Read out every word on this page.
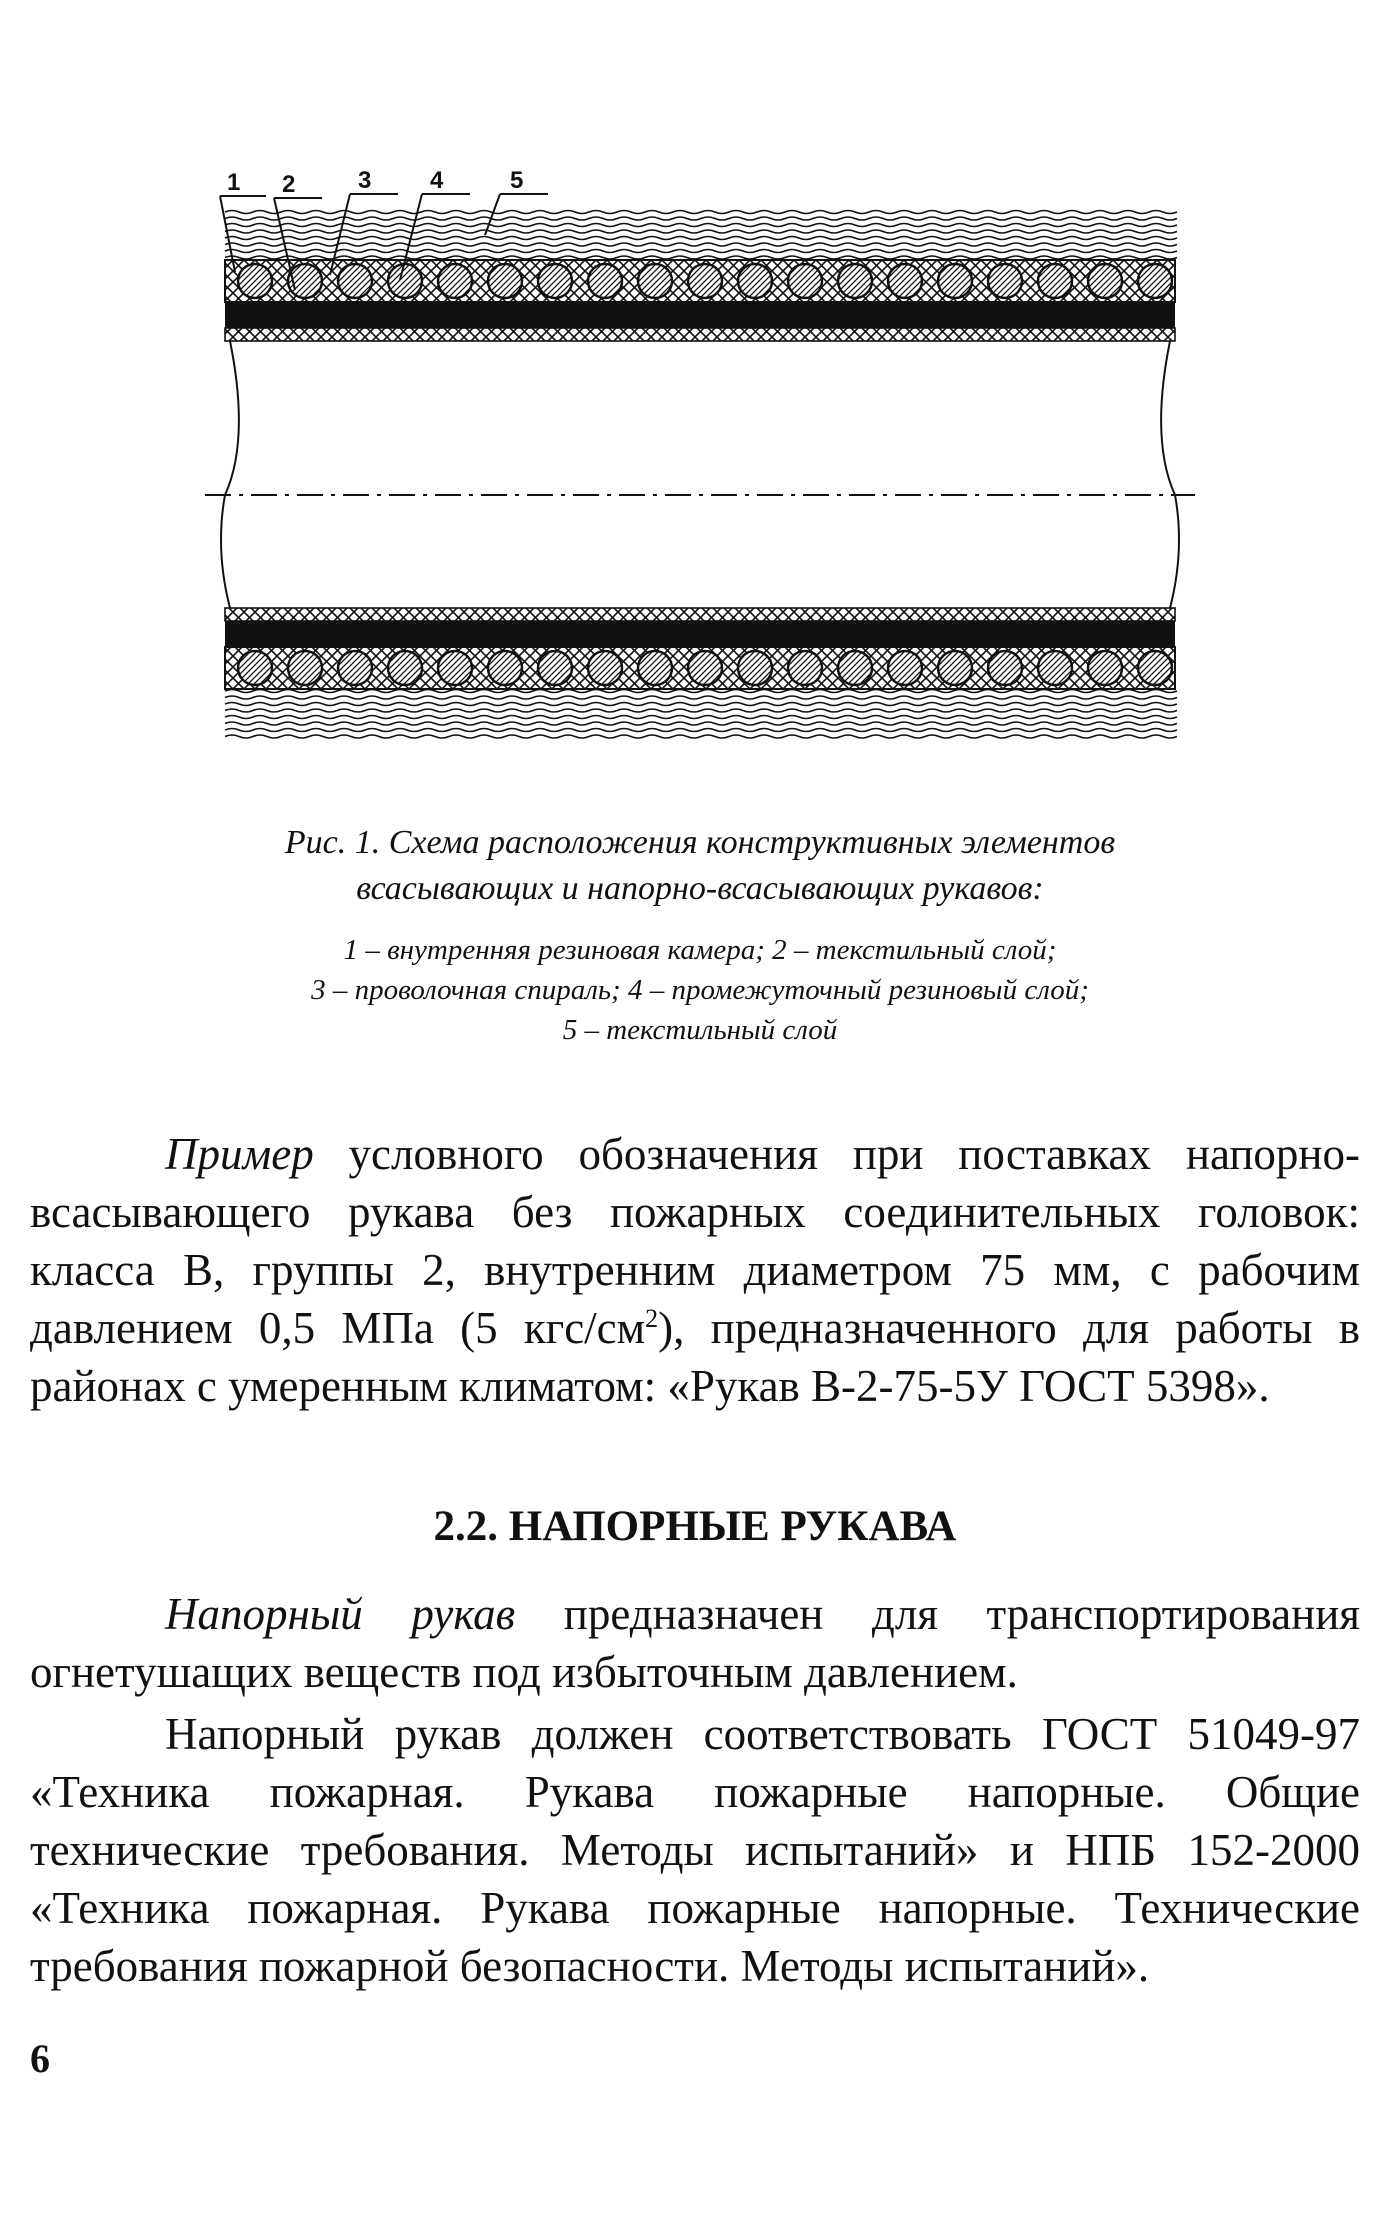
1 2	3 4	5
Рис. 1. Схема расположения конструктивных элементов
всасывающих и напорно-всасывающих рукавов:
1 – внутренняя резиновая камера; 2 – текстильный слой;
3 – проволочная спираль; 4 – промежуточный резиновый слой;
5 – текстильный слой

Пример условного обозначения при поставках напорно-всасывающего рукава без пожарных соединительных головок: класса В, группы 2, внутренним диаметром 75 мм, с рабочим давлением 0,5 МПа (5 кгс/$см^2$), предназначенного для работы в районах с умеренным климатом: «Рукав В-2-75-5У ГОСТ 5398».

2.2. НАПОРНЫЕ РУКАВА

Напорный рукав предназначен для транспортирования огнетушащих веществ под избыточным давлением.

Напорный рукав должен соответствовать ГОСТ 51049-97 «Техника пожарная. Рукава пожарные напорные. Общие технические требования. Методы испытаний» и НПБ 152-2000 «Техника пожарная. Рукава пожарные напорные. Технические требования пожарной безопасности. Методы испытаний».

6
